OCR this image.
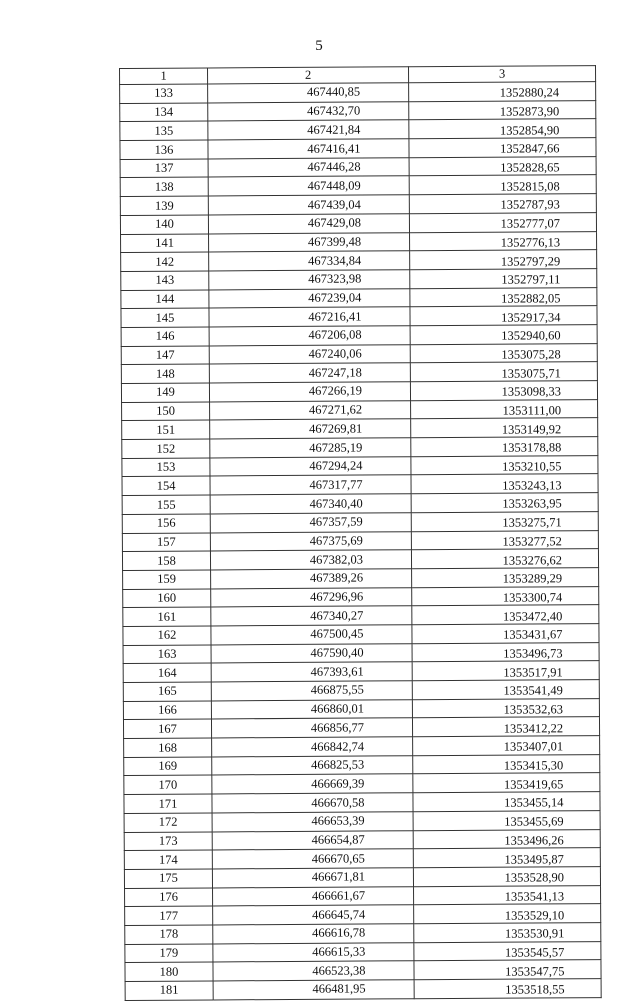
5
1	2	3
133	467440,85	1352880,24
134	467432,70	1352873,90
135	467421,84	1352854,90
136	467416,41	1352847,66
137	467446,28	1352828,65
138	467448,09	1352815,08
139	467439,04	1352787,93
140	467429,08	1352777,07
141	467399,48	1352776,13
142	467334,84	1352797,29
143	467323,98	1352797,11
144	467239,04	1352882,05
145	467216,41	1352917,34
146	467206,08	1352940,60
147	467240,06	1353075,28
148	467247,18	1353075,71
149	467266,19	1353098,33
150	467271,62	1353111,00
151	467269,81	1353149,92
152	467285,19	1353178,88
153	467294,24	1353210,55
154	467317,77	1353243,13
155	467340,40	1353263,95
156	467357,59	1353275,71
157	467375,69	1353277,52
158	467382,03	1353276,62
159	467389,26	1353289,29
160	467296,96	1353300,74
161	467340,27	1353472,40
162	467500,45	1353431,67
163	467590,40	1353496,73
164	467393,61	1353517,91
165	466875,55	1353541,49
166	466860,01	1353532,63
167	466856,77	1353412,22
168	466842,74	1353407,01
169	466825,53	1353415,30
170	466669,39	1353419,65
171	466670,58	1353455,14
172	466653,39	1353455,69
173	466654,87	1353496,26
174	466670,65	1353495,87
175	466671,81	1353528,90
176	466661,67	1353541,13
177	466645,74	1353529,10
178	466616,78	1353530,91
179	466615,33	1353545,57
180	466523,38	1353547,75
181	466481,95	1353518,55
